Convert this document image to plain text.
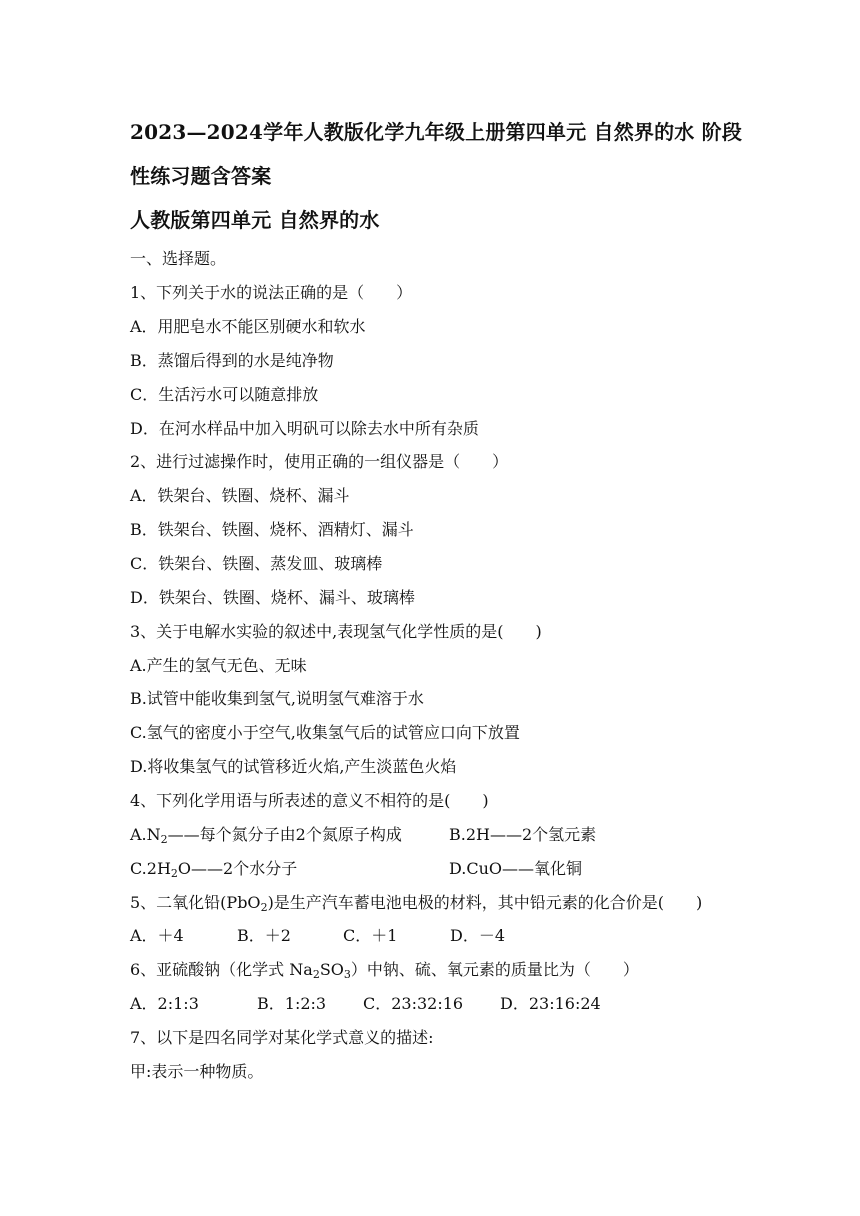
2023—2024学年人教版化学九年级上册第四单元 自然界的水 阶段
性练习题含答案
人教版第四单元 自然界的水
一、选择题。
1、下列关于水的说法正确的是（　　）
A．用肥皂水不能区别硬水和软水
B．蒸馏后得到的水是纯净物
C．生活污水可以随意排放
D．在河水样品中加入明矾可以除去水中所有杂质
2、进行过滤操作时，使用正确的一组仪器是（　　）
A．铁架台、铁圈、烧杯、漏斗
B．铁架台、铁圈、烧杯、酒精灯、漏斗
C．铁架台、铁圈、蒸发皿、玻璃棒
D．铁架台、铁圈、烧杯、漏斗、玻璃棒
3、关于电解水实验的叙述中,表现氢气化学性质的是(　　)
A.产生的氢气无色、无味
B.试管中能收集到氢气,说明氢气难溶于水
C.氢气的密度小于空气,收集氢气后的试管应口向下放置
D.将收集氢气的试管移近火焰,产生淡蓝色火焰
4、下列化学用语与所表述的意义不相符的是(　　)
$A.N_2——$每个氮分子由2个氮原子构成	B.2H——2个氢元素
$C.2H_2O——2$个水分子	D.CuO——氧化铜
5、二氧化铅(PbO$_2$)是生产汽车蓄电池电极的材料，其中铅元素的化合价是(　　)
A．＋4	B．＋2	C．＋1	D．－4
6、亚硫酸钠（化学式 $Na_2SO_3$）中钠、硫、氧元素的质量比为（　　）
A．2:1:3	B．1:2:3 C．23:32:16 D．23:16:24
7、以下是四名同学对某化学式意义的描述:
甲:表示一种物质。
